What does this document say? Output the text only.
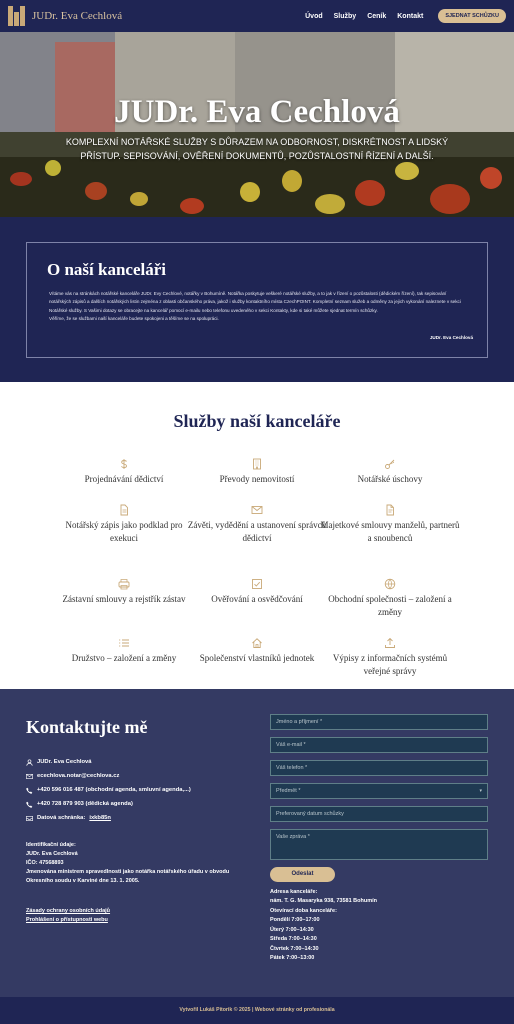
JUDr. Eva Cechlová	Úvod Služby Ceník Kontakt	SJEDNAT SCHŮZKU
JUDr. Eva Cechlová

KOMPLEXNÍ NOTÁŘSKÉ SLUŽBY S DŮRAZEM NA ODBORNOST, DISKRÉTNOST A LIDSKÝ PŘÍSTUP. SEPISOVÁNÍ, OVĚŘENÍ DOKUMENTŮ, POZŮSTALOSTNÍ ŘÍZENÍ A DALŠÍ.

O naší kanceláři

Vítáme vás na stránkách notářské kanceláře JUDr. Evy Cechlové, notářky v Bohumíně. Notářka poskytuje veškeré notářské služby, a to jak v řízení o pozůstalosti (dědickém řízení), tak sepisování notářských zápisů a dalších notářských listin zejména z oblasti občanského práva, jakož i služby kontaktního místa CzechPOINT. Kompletní seznam služeb a odměny za jejich vykonání naleznete v sekci Notářské služby. S Vašimi dotazy se obracejte na kancelář pomocí e-mailu nebo telefonu uvedeného v sekci Kontakty, kde si také můžete sjednat termín schůzky.

Věříme, že se službami naší kanceláře budete spokojeni a těšíme se na spolupráci.

JUDr. Eva Cechlová
Služby naší kanceláře
Projednávání dědictví	Převody nemovitostí	Notářské úschovy
Notářský zápis jako podklad pro exekuci
Závěti, vydědění a ustanovení správců dědictví
Majetkové smlouvy manželů, partnerů a snoubenců
Zástavní smlouvy a rejstřík zástav	Ověřování a osvědčování	Obchodní společnosti – založení a změny
Družstvo – založení a změny	Společenství vlastníků jednotek	Výpisy z informačních systémů veřejné správy
Kontaktujte mě
JUDr. Eva Cechlová
ecechlova.notar@cechlova.cz
+420 596 016 487 (obchodní agenda, smluvní agenda,...)
+420 728 879 903 (dědická agenda)
Datová schránka: ixkb85n
Identifikační údaje:
JUDr. Eva Cechlová
IČO: 47568893
Jmenována ministrem spravedlnosti jako notářka notářského úřadu v obvodu Okresního soudu v Karviné dne 13. 1. 2005.
Zásady ochrany osobních údajů
Prohlášení o přístupnosti webu
Jméno a příjmení *
Váš e-mail *
Váš telefon *
Předmět *	▾
Preferovaný datum schůzky
Vaše zpráva *
Odeslat
Adresa kanceláře:
nám. T. G. Masaryka 938, 73581 Bohumín
Otevírací doba kanceláře:
Pondělí 7:00–17:00
Úterý 7:00–14:30
Středa 7:00–14:30
Čtvrtek 7:00–14:30
Pátek 7:00–13:00
Vytvořil Lukáš Pitorik © 2025 | Webové stránky od profesionála
